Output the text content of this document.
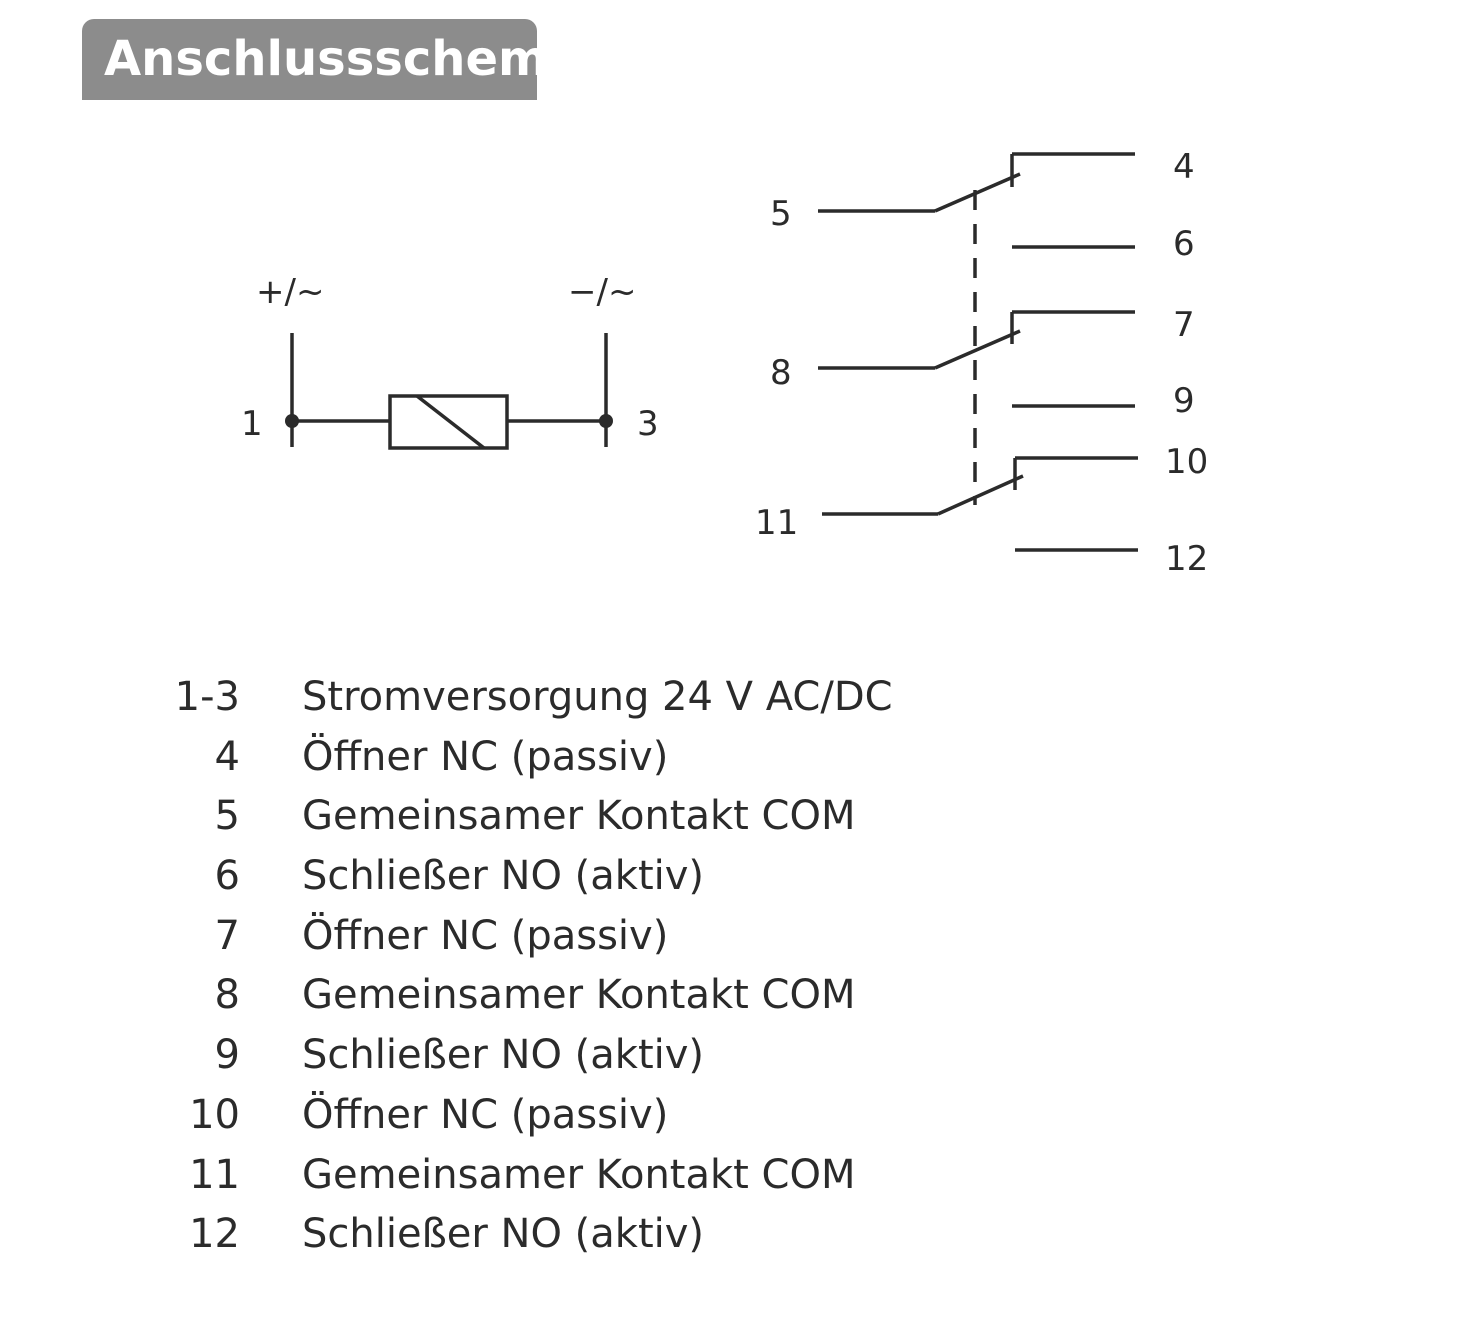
Anschlussschema
+/~	−/~
1	3
4
5
6
7
8
9
10
11
12
1-3 Stromversorgung 24 V AC/DC
4 Öffner NC (passiv)
5 Gemeinsamer Kontakt COM
6 Schließer NO (aktiv)
7 Öffner NC (passiv)
8 Gemeinsamer Kontakt COM
9 Schließer NO (aktiv)
10 Öffner NC (passiv)
11 Gemeinsamer Kontakt COM
12 Schließer NO (aktiv)
